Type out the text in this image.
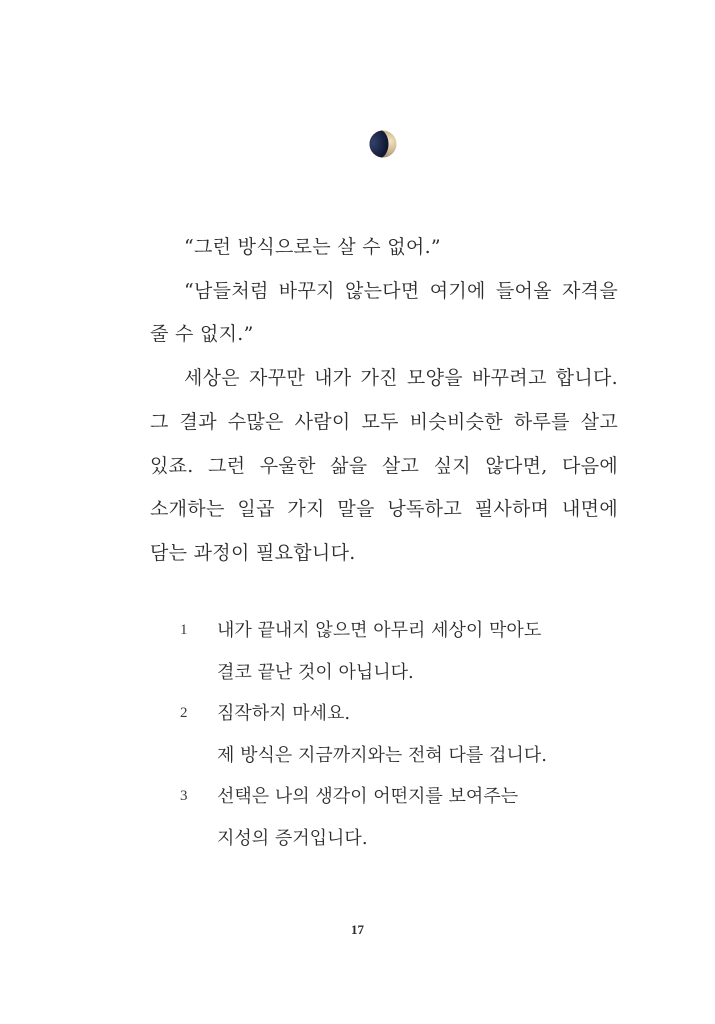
“그런 방식으로는 살 수 없어.”

“남들처럼 바꾸지 않는다면 여기에 들어올 자격을 줄 수 없지.”

세상은 자꾸만 내가 가진 모양을 바꾸려고 합니다. 그 결과 수많은 사람이 모두 비슷비슷한 하루를 살고 있죠. 그런 우울한 삶을 살고 싶지 않다면, 다음에 소개하는 일곱 가지 말을 낭독하고 필사하며 내면에 담는 과정이 필요합니다.

1 내가 끝내지 않으면 아무리 세상이 막아도
결코 끝난 것이 아닙니다.
2 짐작하지 마세요.
제 방식은 지금까지와는 전혀 다를 겁니다.
3 선택은 나의 생각이 어떤지를 보여주는
지성의 증거입니다.
17
